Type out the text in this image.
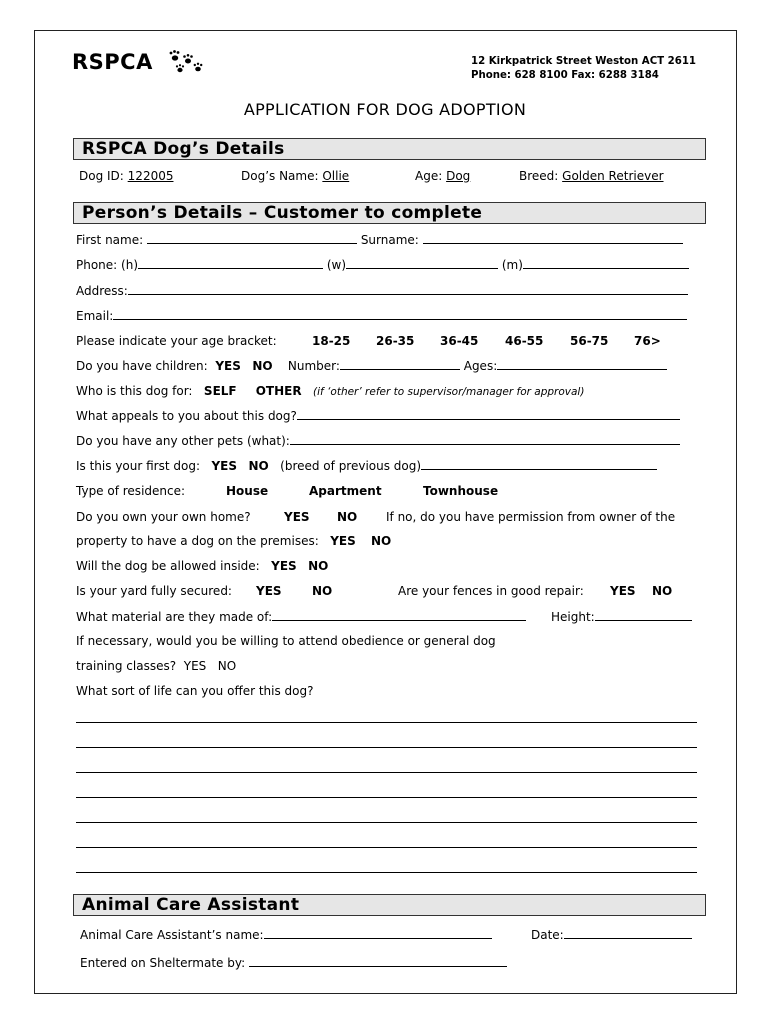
RSPCA	12 Kirkpatrick Street Weston ACT 2611
Phone: 628 8100 Fax: 6288 3184
APPLICATION FOR DOG ADOPTION
RSPCA Dog’s Details
Dog ID: 122005	Dog’s Name: Ollie	Age: Dog	Breed: Golden Retriever
Person’s Details – Customer to complete
First name:	Surname:
Phone: (h)	(w)	(m)
Address:
Email:
Please indicate your age bracket:	18-25 26-35 36-45 46-55 56-75 76>
Do you have children: YES NO Number:	Ages:
Who is this dog for: SELF OTHER (if ‘other’ refer to supervisor/manager for approval)
What appeals to you about this dog?
Do you have any other pets (what):
Is this your first dog: YES NO (breed of previous dog)
Type of residence:	House	Apartment	Townhouse
Do you own your own home?	YES NO If no, do you have permission from owner of the
property to have a dog on the premises: YES NO
Will the dog be allowed inside: YES NO
Is your yard fully secured: YES	NO	Are your fences in good repair: YES NO
What material are they made of:	Height:
If necessary, would you be willing to attend obedience or general dog
training classes? YES NO
What sort of life can you offer this dog?
Animal Care Assistant
Animal Care Assistant’s name:	Date:
Entered on Sheltermate by:
